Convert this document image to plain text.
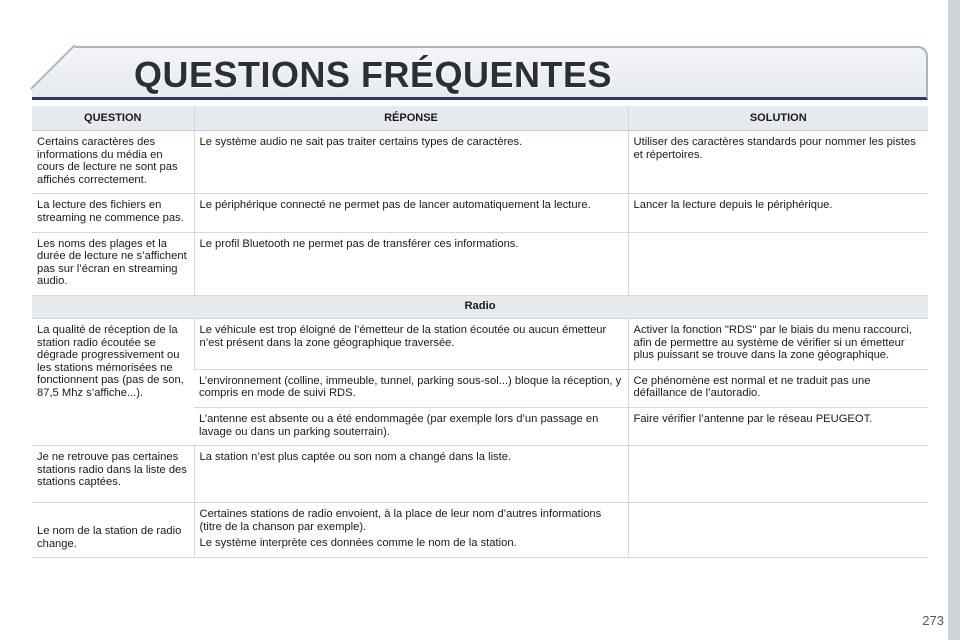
QUESTIONS FRÉQUENTES
QUESTION	RÉPONSE	SOLUTION
Certains caractères des informations du média en cours de lecture ne sont pas affichés correctement.	Le système audio ne sait pas traiter certains types de caractères.	Utiliser des caractères standards pour nommer les pistes et répertoires.
La lecture des fichiers en streaming ne commence pas.	Le périphérique connecté ne permet pas de lancer automatiquement la lecture.	Lancer la lecture depuis le périphérique.
Les noms des plages et la durée de lecture ne s’affichent pas sur l’écran en streaming audio.	Le profil Bluetooth ne permet pas de transférer ces informations.	
Radio		
La qualité de réception de la station radio écoutée se dégrade progressivement ou les stations mémorisées ne fonctionnent pas (pas de son, 87,5 Mhz s’affiche...).	Le véhicule est trop éloigné de l’émetteur de la station écoutée ou aucun émetteur n’est présent dans la zone géographique traversée.	Activer la fonction "RDS" par le biais du menu raccourci, afin de permettre au système de vérifier si un émetteur plus puissant se trouve dans la zone géographique.
	L’environnement (colline, immeuble, tunnel, parking sous-sol...) bloque la réception, y compris en mode de suivi RDS.	Ce phénomène est normal et ne traduit pas une défaillance de l’autoradio.
	L’antenne est absente ou a été endommagée (par exemple lors d’un passage en lavage ou dans un parking souterrain).	Faire vérifier l’antenne par le réseau PEUGEOT.
Je ne retrouve pas certaines stations radio dans la liste des stations captées.	La station n’est plus captée ou son nom a changé dans la liste.	
Le nom de la station de radio change.	Certaines stations de radio envoient, à la place de leur nom d’autres informations (titre de la chanson par exemple).

Le système interprète ces données comme le nom de la station.	

273
